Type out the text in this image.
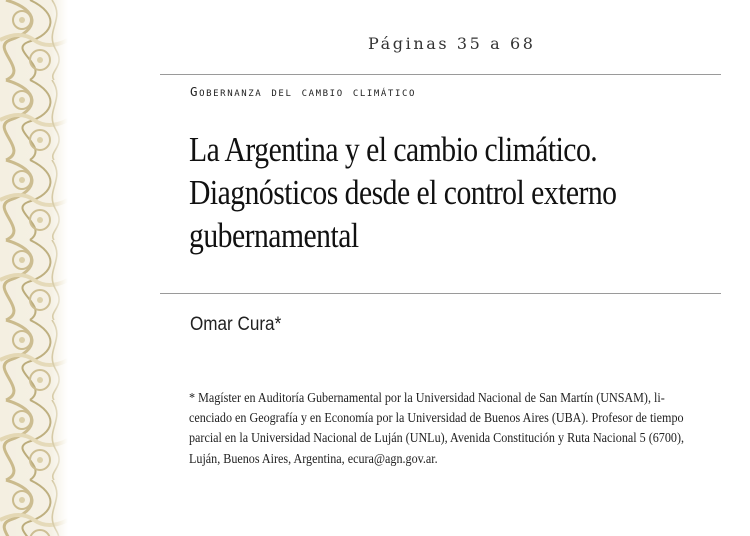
Páginas 35 a 68
Gobernanza del cambio climático
La Argentina y el cambio climático.
Diagnósticos desde el control externo
gubernamental
Omar Cura*

* Magíster en Auditoría Gubernamental por la Universidad Nacional de San Martín (UNSAM), li-
cenciado en Geografía y en Economía por la Universidad de Buenos Aires (UBA). Profesor de tiempo
parcial en la Universidad Nacional de Luján (UNLu), Avenida Constitución y Ruta Nacional 5 (6700),
Luján, Buenos Aires, Argentina, ecura@agn.gov.ar.
